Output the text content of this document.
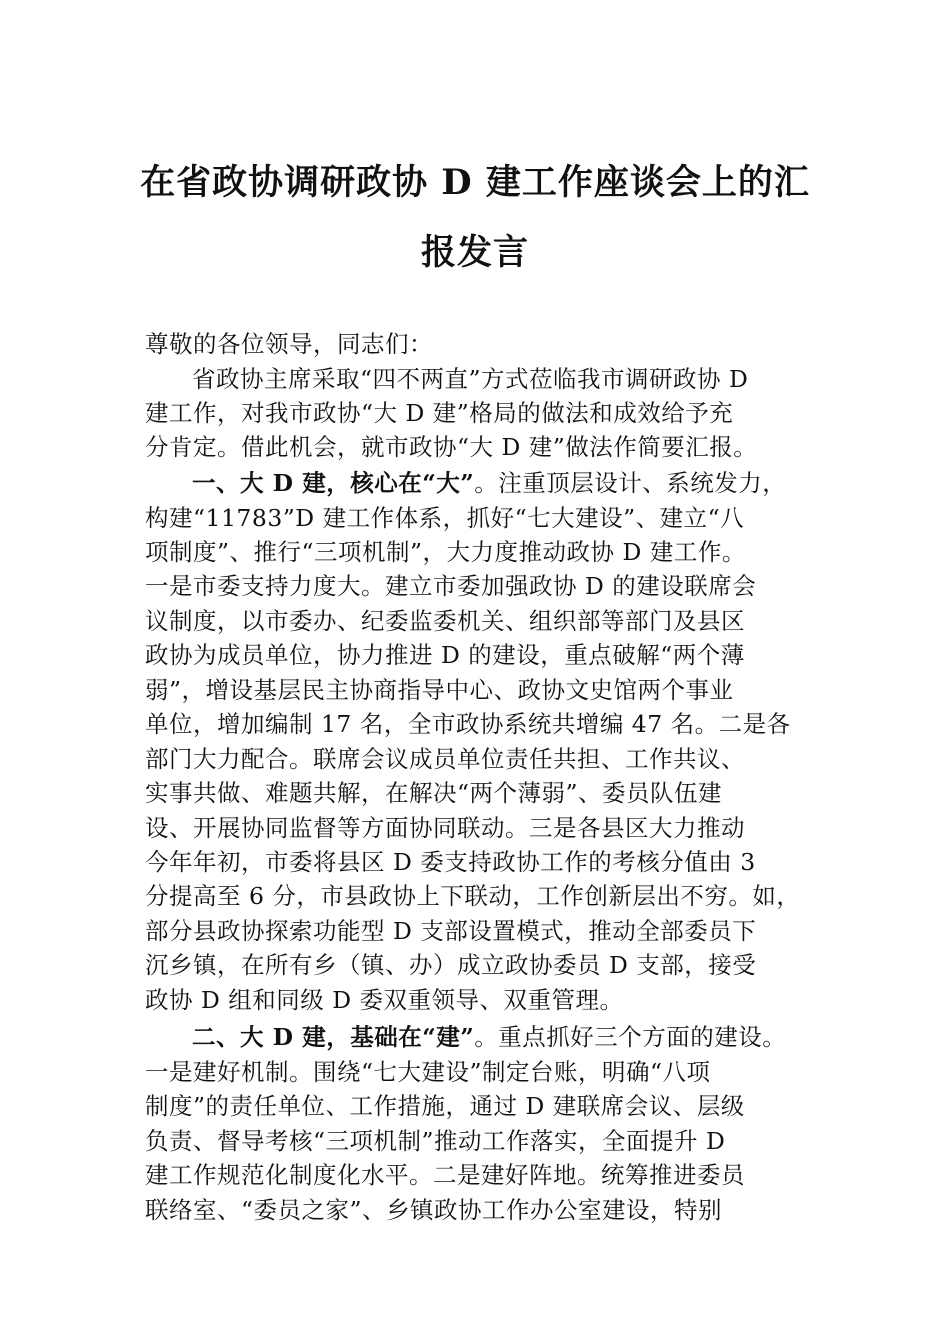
在省政协调研政协 D 建工作座谈会上的汇
报发言
尊敬的各位领导，同志们：
省政协主席采取“四不两直”方式莅临我市调研政协 D
建工作，对我市政协“大 D 建”格局的做法和成效给予充
分肯定。借此机会，就市政协“大 D 建”做法作简要汇报。
一、大 D 建，核心在“大”。注重顶层设计、系统发力，
构建“11783”D 建工作体系，抓好“七大建设”、建立“八
项制度”、推行“三项机制”，大力度推动政协 D 建工作。
一是市委支持力度大。建立市委加强政协 D 的建设联席会
议制度，以市委办、纪委监委机关、组织部等部门及县区
政协为成员单位，协力推进 D 的建设，重点破解“两个薄
弱”，增设基层民主协商指导中心、政协文史馆两个事业
单位，增加编制 17 名，全市政协系统共增编 47 名。二是各
部门大力配合。联席会议成员单位责任共担、工作共议、
实事共做、难题共解，在解决“两个薄弱”、委员队伍建
设、开展协同监督等方面协同联动。三是各县区大力推动
今年年初，市委将县区 D 委支持政协工作的考核分值由 3
分提高至 6 分，市县政协上下联动，工作创新层出不穷。如，
部分县政协探索功能型 D 支部设置模式，推动全部委员下
沉乡镇，在所有乡（镇、办）成立政协委员 D 支部，接受
政协 D 组和同级 D 委双重领导、双重管理。
二、大 D 建，基础在“建”。重点抓好三个方面的建设。
一是建好机制。围绕“七大建设”制定台账，明确“八项
制度”的责任单位、工作措施，通过 D 建联席会议、层级
负责、督导考核“三项机制”推动工作落实，全面提升 D
建工作规范化制度化水平。二是建好阵地。统筹推进委员
联络室、“委员之家”、乡镇政协工作办公室建设，特别
